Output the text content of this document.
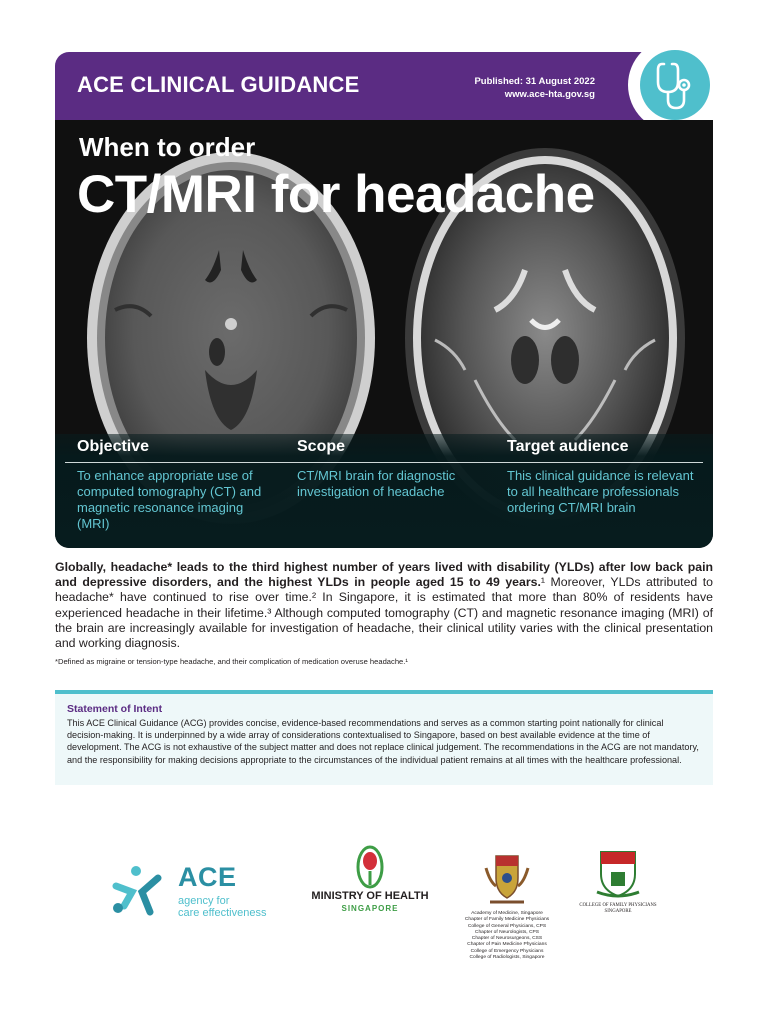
ACE CLINICAL GUIDANCE	Published: 31 August 2022
www.ace-hta.gov.sg
When to order
CT/MRI for headache
Objective
To enhance appropriate use of computed tomography (CT) and magnetic resonance imaging (MRI)
Scope
CT/MRI brain for diagnostic investigation of headache
Target audience
This clinical guidance is relevant to all healthcare professionals ordering CT/MRI brain

Globally, headache* leads to the third highest number of years lived with disability (YLDs) after low back pain and depressive disorders, and the highest YLDs in people aged 15 to 49 years.¹ Moreover, YLDs attributed to headache* have continued to rise over time.² In Singapore, it is estimated that more than 80% of residents have experienced headache in their lifetime.³ Although computed tomography (CT) and magnetic resonance imaging (MRI) of the brain are increasingly available for investigation of headache, their clinical utility varies with the clinical presentation and working diagnosis.

*Defined as migraine or tension-type headache, and their complication of medication overuse headache.¹

Statement of Intent
This ACE Clinical Guidance (ACG) provides concise, evidence-based recommendations and serves as a common starting point nationally for clinical decision-making. It is underpinned by a wide array of considerations contextualised to Singapore, based on best available evidence at the time of development. The ACG is not exhaustive of the subject matter and does not replace clinical judgement. The recommendations in the ACG are not mandatory, and the responsibility for making decisions appropriate to the circumstances of the individual patient remains at all times with the healthcare professional.
ACE
agency for
care effectiveness
MINISTRY OF HEALTH
SINGAPORE
Academy of Medicine, Singapore
Chapter of Family Medicine Physicians
College of General Physicians, CPS
Chapter of Neurologists, CPS
Chapter of Neurosurgeons, CSS
Chapter of Pain Medicine Physicians
College of Emergency Physicians
College of Radiologists, Singapore
COLLEGE OF FAMILY PHYSICIANS
SINGAPORE
